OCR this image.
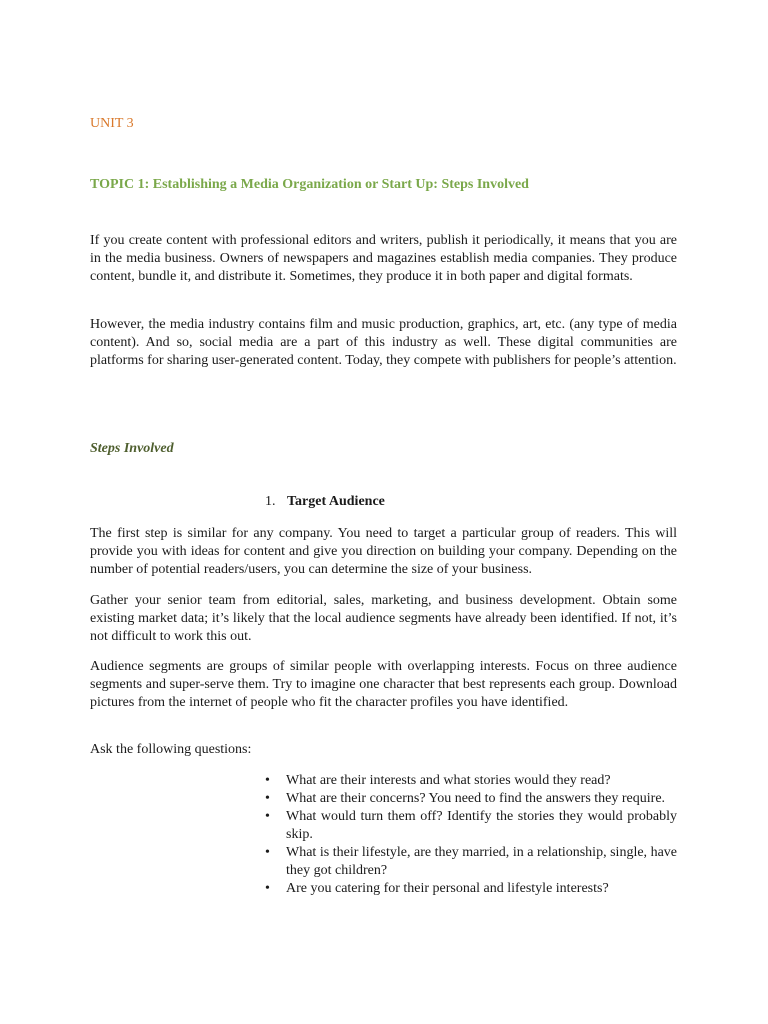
UNIT 3
TOPIC 1: Establishing a Media Organization or Start Up: Steps Involved

If you create content with professional editors and writers, publish it periodically, it means that you are in the media business. Owners of newspapers and magazines establish media companies. They produce content, bundle it, and distribute it. Sometimes, they produce it in both paper and digital formats.

However, the media industry contains film and music production, graphics, art, etc. (any type of media content). And so, social media are a part of this industry as well. These digital communities are platforms for sharing user-generated content. Today, they compete with publishers for people’s attention.

Steps Involved
1. Target Audience

The first step is similar for any company. You need to target a particular group of readers. This will provide you with ideas for content and give you direction on building your company. Depending on the number of potential readers/users, you can determine the size of your business.

Gather your senior team from editorial, sales, marketing, and business development. Obtain some existing market data; it’s likely that the local audience segments have already been identified. If not, it’s not difficult to work this out.

Audience segments are groups of similar people with overlapping interests. Focus on three audience segments and super-serve them. Try to imagine one character that best represents each group. Download pictures from the internet of people who fit the character profiles you have identified.

Ask the following questions:
• What are their interests and what stories would they read?
• What are their concerns? You need to find the answers they require.
• What would turn them off? Identify the stories they would probably skip.
• What is their lifestyle, are they married, in a relationship, single, have they got children?
• Are you catering for their personal and lifestyle interests?
